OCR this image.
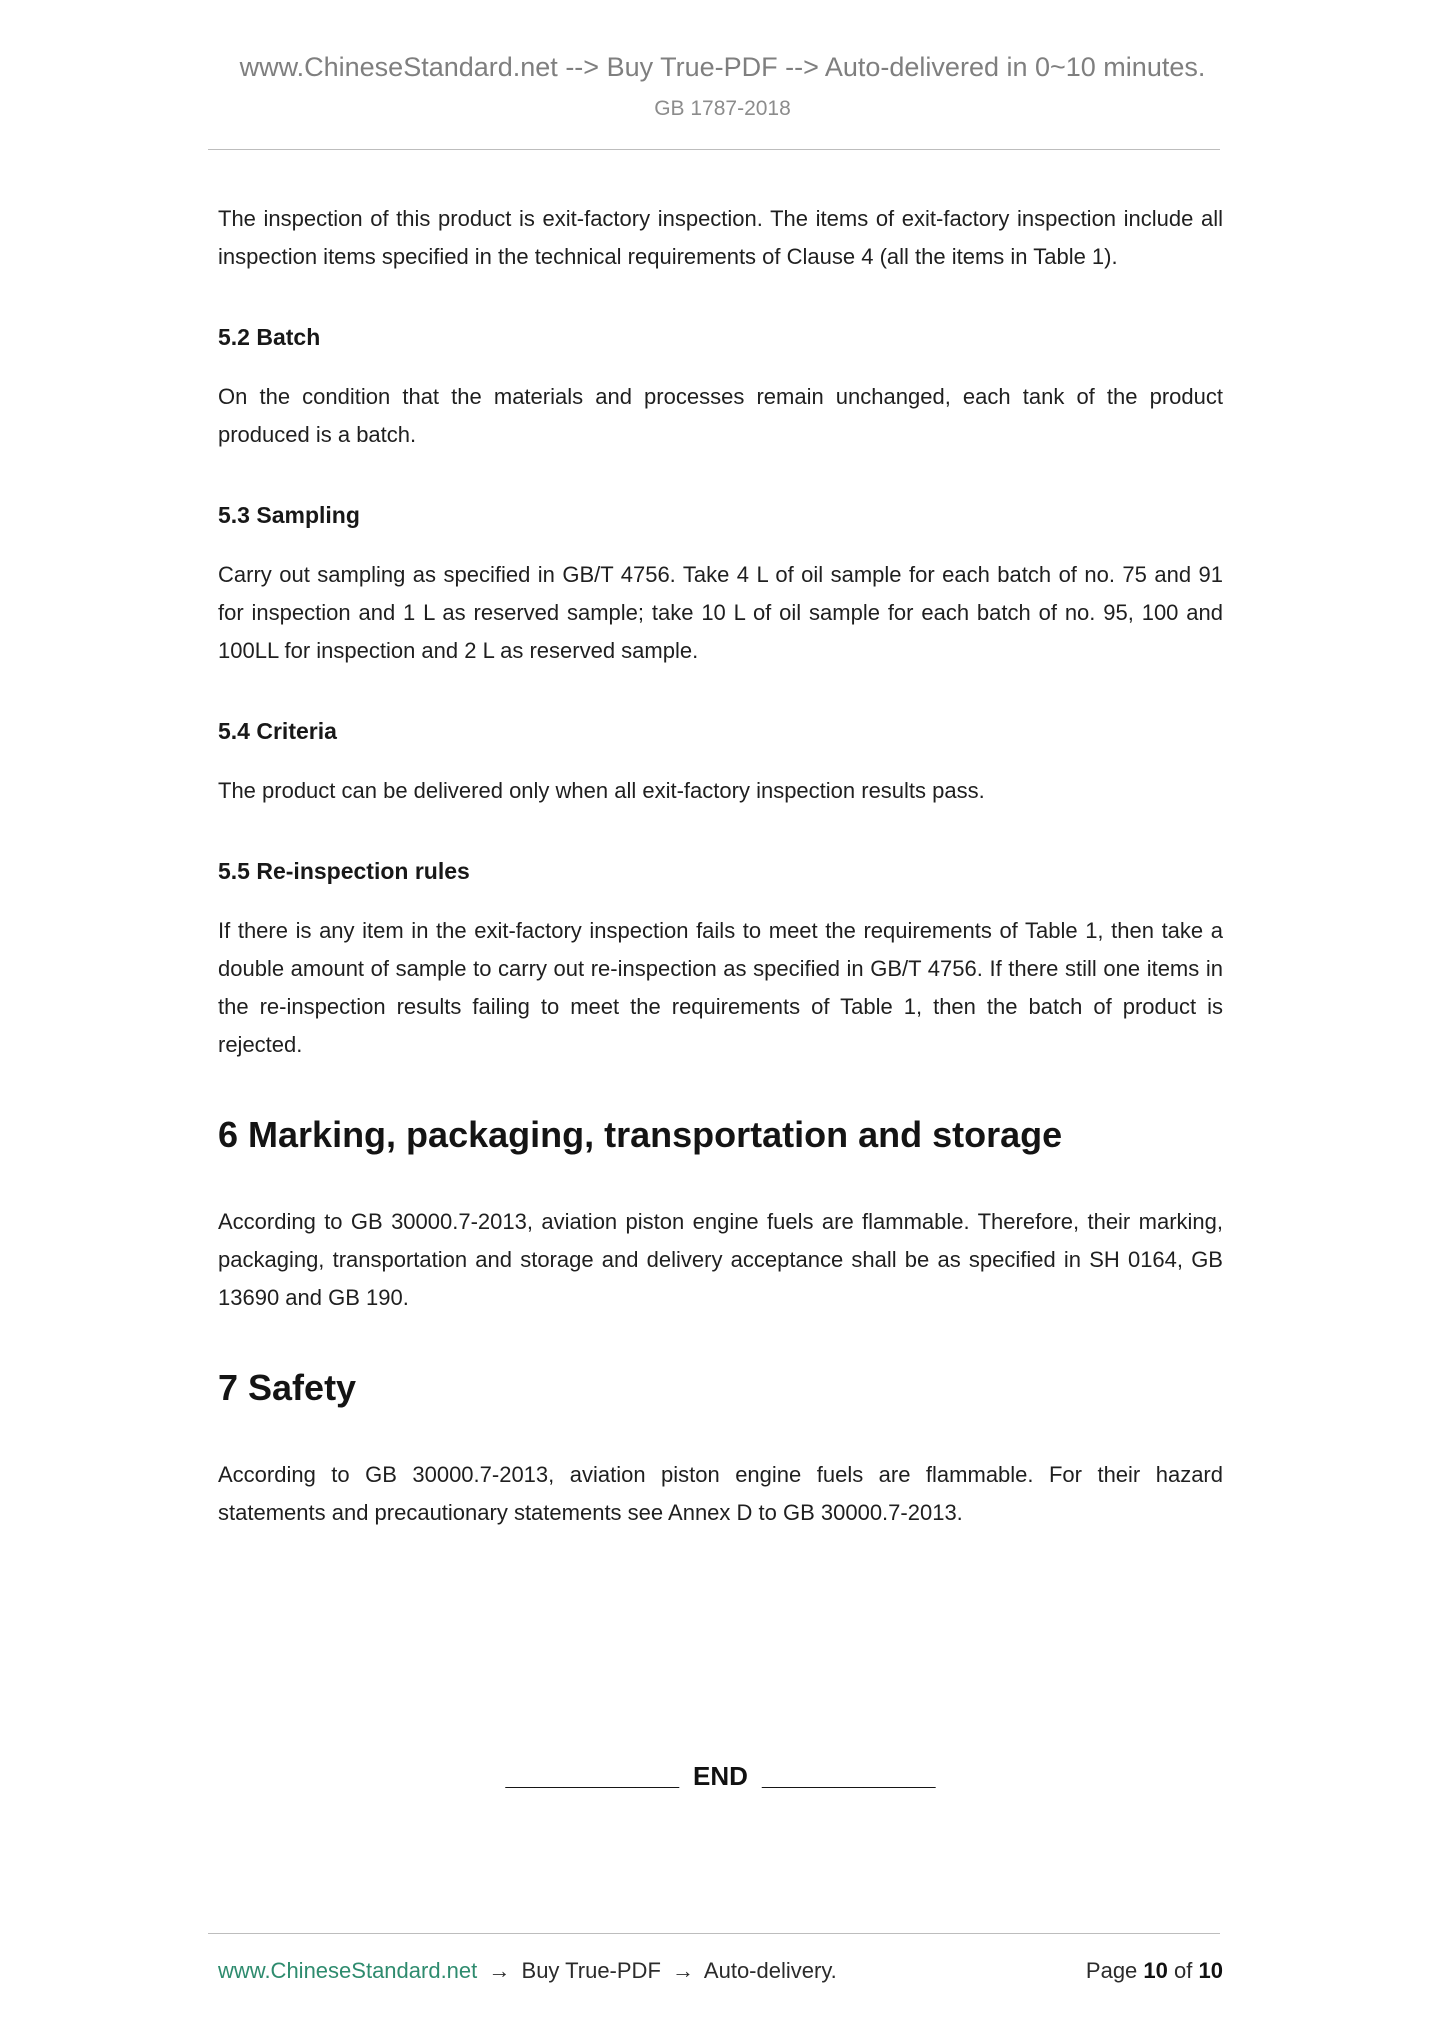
www.ChineseStandard.net --> Buy True-PDF --> Auto-delivered in 0~10 minutes.
GB 1787-2018

The inspection of this product is exit-factory inspection. The items of exit-factory inspection include all inspection items specified in the technical requirements of Clause 4 (all the items in Table 1).

5.2 Batch

On the condition that the materials and processes remain unchanged, each tank of the product produced is a batch.

5.3 Sampling

Carry out sampling as specified in GB/T 4756. Take 4 L of oil sample for each batch of no. 75 and 91 for inspection and 1 L as reserved sample; take 10 L of oil sample for each batch of no. 95, 100 and 100LL for inspection and 2 L as reserved sample.

5.4 Criteria

The product can be delivered only when all exit-factory inspection results pass.

5.5 Re-inspection rules

If there is any item in the exit-factory inspection fails to meet the requirements of Table 1, then take a double amount of sample to carry out re-inspection as specified in GB/T 4756. If there still one items in the re-inspection results failing to meet the requirements of Table 1, then the batch of product is rejected.

6 Marking, packaging, transportation and storage

According to GB 30000.7-2013, aviation piston engine fuels are flammable. Therefore, their marking, packaging, transportation and storage and delivery acceptance shall be as specified in SH 0164, GB 13690 and GB 190.

7 Safety

According to GB 30000.7-2013, aviation piston engine fuels are flammable. For their hazard statements and precautionary statements see Annex D to GB 30000.7-2013.

____________ END ____________
www.ChineseStandard.net → Buy True-PDF → Auto-delivery.	Page 10 of 10
